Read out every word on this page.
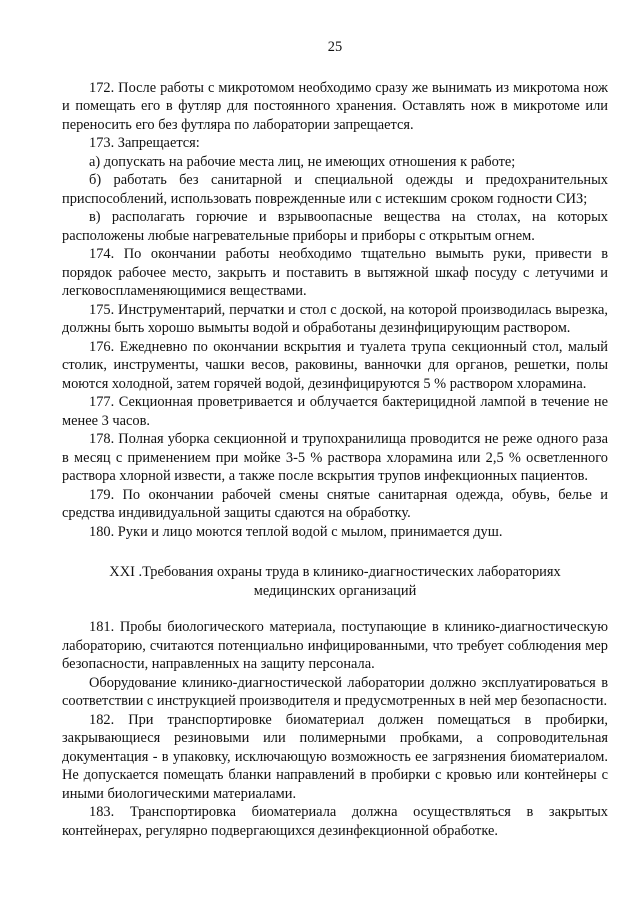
25

172. После работы с микротомом необходимо сразу же вынимать из микротома нож и помещать его в футляр для постоянного хранения. Оставлять нож в микротоме или переносить его без футляра по лаборатории запрещается.

173. Запрещается:

а) допускать на рабочие места лиц, не имеющих отношения к работе;

б) работать без санитарной и специальной одежды и предохранительных приспособлений, использовать поврежденные или с истекшим сроком годности СИЗ;

в) располагать горючие и взрывоопасные вещества на столах, на которых расположены любые нагревательные приборы и приборы с открытым огнем.

174. По окончании работы необходимо тщательно вымыть руки, привести в порядок рабочее место, закрыть и поставить в вытяжной шкаф посуду с летучими и легковоспламеняющимися веществами.

175. Инструментарий, перчатки и стол с доской, на которой производилась вырезка, должны быть хорошо вымыты водой и обработаны дезинфицирующим раствором.

176. Ежедневно по окончании вскрытия и туалета трупа секционный стол, малый столик, инструменты, чашки весов, раковины, ванночки для органов, решетки, полы моются холодной, затем горячей водой, дезинфицируются 5 % раствором хлорамина.

177. Секционная проветривается и облучается бактерицидной лампой в течение не менее 3 часов.

178. Полная уборка секционной и трупохранилища проводится не реже одного раза в месяц с применением при мойке 3-5 % раствора хлорамина или 2,5 % осветленного раствора хлорной извести, а также после вскрытия трупов инфекционных пациентов.

179. По окончании рабочей смены снятые санитарная одежда, обувь, белье и средства индивидуальной защиты сдаются на обработку.

180. Руки и лицо моются теплой водой с мылом, принимается душ.

XXI .Требования охраны труда в клинико-диагностических лабораториях медицинских организаций

181. Пробы биологического материала, поступающие в клинико-диагностическую лабораторию, считаются потенциально инфицированными, что требует соблюдения мер безопасности, направленных на защиту персонала.

Оборудование клинико-диагностической лаборатории должно эксплуатироваться в соответствии с инструкцией производителя и предусмотренных в ней мер безопасности.

182. При транспортировке биоматериал должен помещаться в пробирки, закрывающиеся резиновыми или полимерными пробками, а сопроводительная документация - в упаковку, исключающую возможность ее загрязнения биоматериалом. Не допускается помещать бланки направлений в пробирки с кровью или контейнеры с иными биологическими материалами.

183. Транспортировка биоматериала должна осуществляться в закрытых контейнерах, регулярно подвергающихся дезинфекционной обработке.
